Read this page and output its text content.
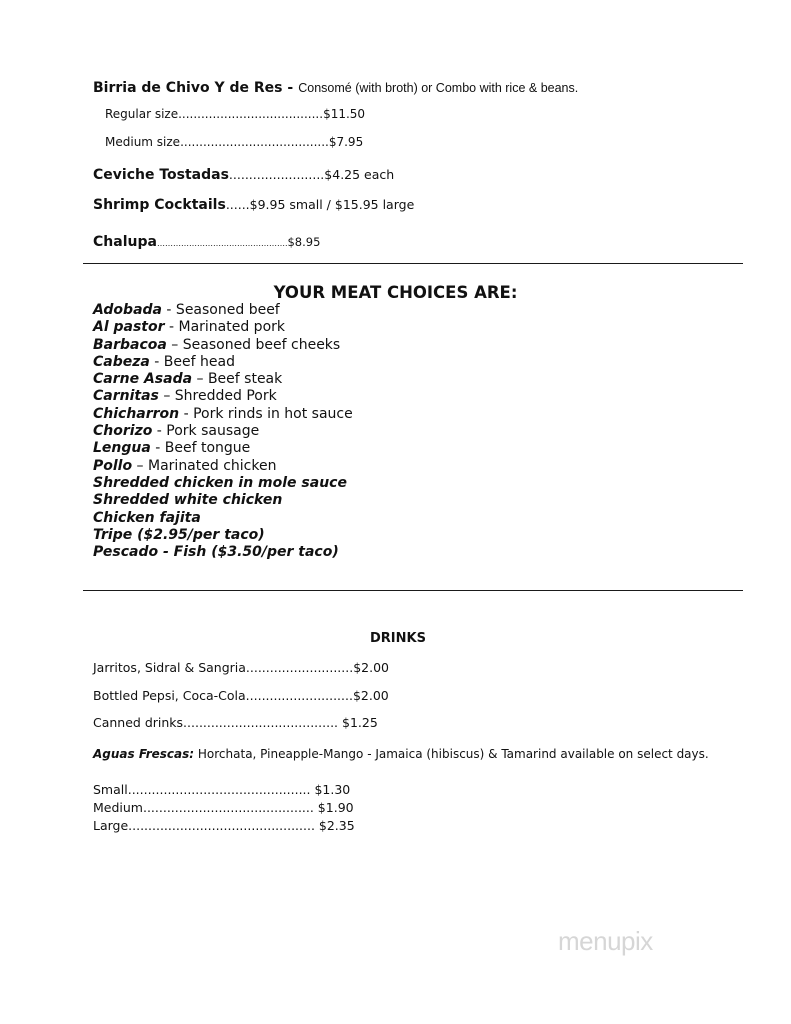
Birria de Chivo Y de Res - Consomé (with broth) or Combo with rice & beans.
Regular size......................................$11.50
Medium size.......................................$7.95
Ceviche Tostadas........................$4.25 each
Shrimp Cocktails......$9.95 small / $15.95 large
Chalupa………………………………………….$8.95
YOUR MEAT CHOICES ARE:
Adobada - Seasoned beef
Al pastor - Marinated pork
Barbacoa – Seasoned beef cheeks
Cabeza - Beef head
Carne Asada – Beef steak
Carnitas – Shredded Pork
Chicharron - Pork rinds in hot sauce
Chorizo - Pork sausage
Lengua - Beef tongue
Pollo – Marinated chicken
Shredded chicken in mole sauce
Shredded white chicken
Chicken fajita
Tripe ($2.95/per taco)
Pescado - Fish ($3.50/per taco)
DRINKS
Jarritos, Sidral & Sangria...........................$2.00
Bottled Pepsi, Coca-Cola...........................$2.00
Canned drinks....................................... $1.25
Aguas Frescas: Horchata, Pineapple-Mango - Jamaica (hibiscus) & Tamarind available on select days.
Small.............................................. $1.30
Medium........................................... $1.90
Large............................................... $2.35
menupix
